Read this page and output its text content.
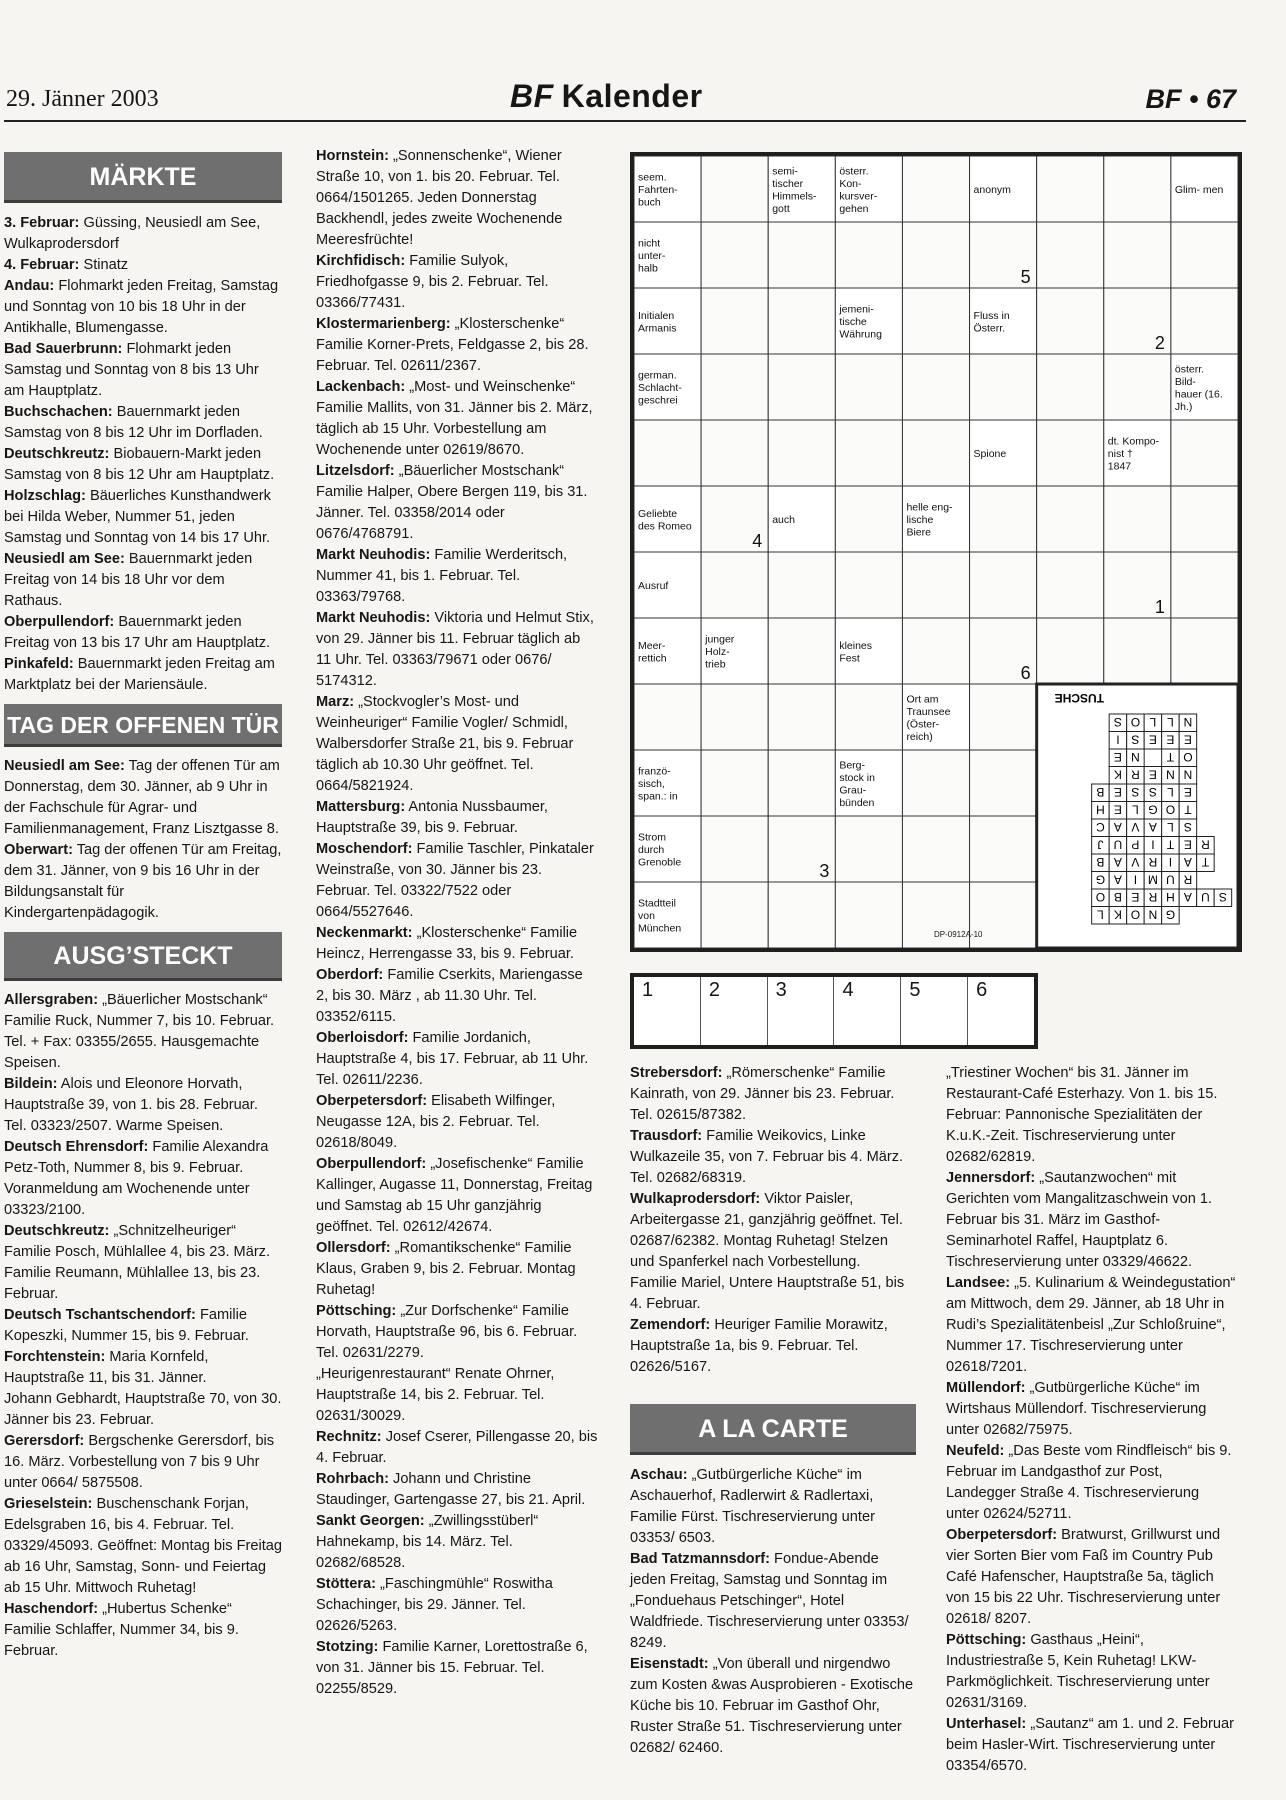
29. Jänner 2003	BF Kalender	BF • 67
MÄRKTE

3. Februar: Güssing, Neusiedl am See, Wulkaprodersdorf

4. Februar: Stinatz

Andau: Flohmarkt jeden Freitag, Samstag und Sonntag von 10 bis 18 Uhr in der Antikhalle, Blumengasse.

Bad Sauerbrunn: Flohmarkt jeden Samstag und Sonntag von 8 bis 13 Uhr am Hauptplatz.

Buchschachen: Bauernmarkt jeden Samstag von 8 bis 12 Uhr im Dorfladen.

Deutschkreutz: Biobauern-Markt jeden Samstag von 8 bis 12 Uhr am Hauptplatz.

Holzschlag: Bäuerliches Kunsthandwerk bei Hilda Weber, Nummer 51, jeden Samstag und Sonntag von 14 bis 17 Uhr.

Neusiedl am See: Bauernmarkt jeden Freitag von 14 bis 18 Uhr vor dem Rathaus.

Oberpullendorf: Bauernmarkt jeden Freitag von 13 bis 17 Uhr am Hauptplatz.

Pinkafeld: Bauernmarkt jeden Freitag am Marktplatz bei der Mariensäule.

TAG DER OFFENEN TÜR

Neusiedl am See: Tag der offenen Tür am Donnerstag, dem 30. Jänner, ab 9 Uhr in der Fachschule für Agrar- und Familienmanagement, Franz Lisztgasse 8.

Oberwart: Tag der offenen Tür am Freitag, dem 31. Jänner, von 9 bis 16 Uhr in der Bildungsanstalt für Kindergartenpädagogik.

AUSG’STECKT

Allersgraben: „Bäuerlicher Mostschank“ Familie Ruck, Nummer 7, bis 10. Februar. Tel. + Fax: 03355/2655. Hausgemachte Speisen.

Bildein: Alois und Eleonore Horvath, Hauptstraße 39, von 1. bis 28. Februar. Tel. 03323/2507. Warme Speisen.

Deutsch Ehrensdorf: Familie Alexandra Petz-Toth, Nummer 8, bis 9. Februar. Voranmeldung am Wochenende unter 03323/2100.

Deutschkreutz: „Schnitzelheuriger“ Familie Posch, Mühlallee 4, bis 23. März.

Familie Reumann, Mühlallee 13, bis 23. Februar.

Deutsch Tschantschendorf: Familie Kopeszki, Nummer 15, bis 9. Februar.

Forchtenstein: Maria Kornfeld, Hauptstraße 11, bis 31. Jänner.

Johann Gebhardt, Hauptstraße 70, von 30. Jänner bis 23. Februar.

Gerersdorf: Bergschenke Gerersdorf, bis 16. März. Vorbestellung von 7 bis 9 Uhr unter 0664/ 5875508.

Grieselstein: Buschenschank Forjan, Edelsgraben 16, bis 4. Februar. Tel. 03329/45093. Geöffnet: Montag bis Freitag ab 16 Uhr, Samstag, Sonn- und Feiertag ab 15 Uhr. Mittwoch Ruhetag!

Haschendorf: „Hubertus Schenke“ Familie Schlaffer, Nummer 34, bis 9. Februar.

Hornstein: „Sonnenschenke“, Wiener Straße 10, von 1. bis 20. Februar. Tel. 0664/1501265. Jeden Donnerstag Backhendl, jedes zweite Wochenende Meeresfrüchte!

Kirchfidisch: Familie Sulyok, Friedhofgasse 9, bis 2. Februar. Tel. 03366/77431.

Klostermarienberg: „Klosterschenke“ Familie Korner-Prets, Feldgasse 2, bis 28. Februar. Tel. 02611/2367.

Lackenbach: „Most- und Weinschenke“ Familie Mallits, von 31. Jänner bis 2. März, täglich ab 15 Uhr. Vorbestellung am Wochenende unter 02619/8670.

Litzelsdorf: „Bäuerlicher Mostschank“ Familie Halper, Obere Bergen 119, bis 31. Jänner. Tel. 03358/2014 oder 0676/4768791.

Markt Neuhodis: Familie Werderitsch, Nummer 41, bis 1. Februar. Tel. 03363/79768.

Markt Neuhodis: Viktoria und Helmut Stix, von 29. Jänner bis 11. Februar täglich ab 11 Uhr. Tel. 03363/79671 oder 0676/ 5174312.

Marz: „Stockvogler’s Most- und Weinheuriger“ Familie Vogler/ Schmidl, Walbersdorfer Straße 21, bis 9. Februar täglich ab 10.30 Uhr geöffnet. Tel. 0664/5821924.

Mattersburg: Antonia Nussbaumer, Hauptstraße 39, bis 9. Februar.

Moschendorf: Familie Taschler, Pinkataler Weinstraße, von 30. Jänner bis 23. Februar. Tel. 03322/7522 oder 0664/5527646.

Neckenmarkt: „Klosterschenke“ Familie Heincz, Herrengasse 33, bis 9. Februar.

Oberdorf: Familie Cserkits, Mariengasse 2, bis 30. März , ab 11.30 Uhr. Tel. 03352/6115.

Oberloisdorf: Familie Jordanich, Hauptstraße 4, bis 17. Februar, ab 11 Uhr. Tel. 02611/2236.

Oberpetersdorf: Elisabeth Wilfinger, Neugasse 12A, bis 2. Februar. Tel. 02618/8049.

Oberpullendorf: „Josefischenke“ Familie Kallinger, Augasse 11, Donnerstag, Freitag und Samstag ab 15 Uhr ganzjährig geöffnet. Tel. 02612/42674.

Ollersdorf: „Romantikschenke“ Familie Klaus, Graben 9, bis 2. Februar. Montag Ruhetag!

Pöttsching: „Zur Dorfschenke“ Familie Horvath, Hauptstraße 96, bis 6. Februar. Tel. 02631/2279.

„Heurigenrestaurant“ Renate Ohrner, Hauptstraße 14, bis 2. Februar. Tel. 02631/30029.

Rechnitz: Josef Cserer, Pillengasse 20, bis 4. Februar.

Rohrbach: Johann und Christine Staudinger, Gartengasse 27, bis 21. April.

Sankt Georgen: „Zwillingsstüberl“ Hahnekamp, bis 14. März. Tel. 02682/68528.

Stöttera: „Faschingmühle“ Roswitha Schachinger, bis 29. Jänner. Tel. 02626/5263.

Stotzing: Familie Karner, Lorettostraße 6, von 31. Jänner bis 15. Februar. Tel. 02255/8529.

seem. Fahrten-buch
semi-tischer Himmels-gott
österr. Kon-kursver-gehen
anonym	Glim- men
nicht unter-halb
Initialen Armanis
jemeni-tische Währung
Fluss in Österr.
german. Schlacht-geschrei
österr. Bild-hauer (16. Jh.)
Spione
dt. Kompo-nist † 1847
Geliebte des Romeo
auch
helle eng-lische Biere
Ausruf
Meer-rettich
junger Holz-trieb
kleines Fest
Ort am Traunsee (Öster-reich)
franzö-sisch, span.: in
Berg-stock in Grau-bünden
Strom durch Grenoble
Stadtteil von München
5
2
4
1
6
3
TUSCHE
S O L L N
I S E E E
E N T O
K R E N N
B E S S L E
H E L G O T
C A V A L S
J U P I T E R
B A V R I A T
G A I M U R
O B E R H A U S
L K O N G
DP-0912A-10
1	2	3	4	5	6

Strebersdorf: „Römerschenke“ Familie Kainrath, von 29. Jänner bis 23. Februar. Tel. 02615/87382.

Trausdorf: Familie Weikovics, Linke Wulkazeile 35, von 7. Februar bis 4. März. Tel. 02682/68319.

Wulkaprodersdorf: Viktor Paisler, Arbeitergasse 21, ganzjährig geöffnet. Tel. 02687/62382. Montag Ruhetag! Stelzen und Spanferkel nach Vorbestellung.

Familie Mariel, Untere Hauptstraße 51, bis 4. Februar.

Zemendorf: Heuriger Familie Morawitz, Hauptstraße 1a, bis 9. Februar. Tel. 02626/5167.

A LA CARTE

Aschau: „Gutbürgerliche Küche“ im Aschauerhof, Radlerwirt & Radlertaxi, Familie Fürst. Tischreservierung unter 03353/ 6503.

Bad Tatzmannsdorf: Fondue-Abende jeden Freitag, Samstag und Sonntag im „Fonduehaus Petschinger“, Hotel Waldfriede. Tischreservierung unter 03353/ 8249.

Eisenstadt: „Von überall und nirgendwo zum Kosten &was Ausprobieren - Exotische Küche bis 10. Februar im Gasthof Ohr, Ruster Straße 51. Tischreservierung unter 02682/ 62460.

„Triestiner Wochen“ bis 31. Jänner im Restaurant-Café Esterhazy. Von 1. bis 15. Februar: Pannonische Spezialitäten der K.u.K.-Zeit. Tischreservierung unter 02682/62819.

Jennersdorf: „Sautanzwochen“ mit Gerichten vom Mangalitzaschwein von 1. Februar bis 31. März im Gasthof-Seminarhotel Raffel, Hauptplatz 6. Tischreservierung unter 03329/46622.

Landsee: „5. Kulinarium & Weindegustation“ am Mittwoch, dem 29. Jänner, ab 18 Uhr in Rudi’s Spezialitätenbeisl „Zur Schloßruine“, Nummer 17. Tischreservierung unter 02618/7201.

Müllendorf: „Gutbürgerliche Küche“ im Wirtshaus Müllendorf. Tischreservierung unter 02682/75975.

Neufeld: „Das Beste vom Rindfleisch“ bis 9. Februar im Landgasthof zur Post, Landegger Straße 4. Tischreservierung unter 02624/52711.

Oberpetersdorf: Bratwurst, Grillwurst und vier Sorten Bier vom Faß im Country Pub Café Hafenscher, Hauptstraße 5a, täglich von 15 bis 22 Uhr. Tischreservierung unter 02618/ 8207.

Pöttsching: Gasthaus „Heini“, Industriestraße 5, Kein Ruhetag! LKW-Parkmöglichkeit. Tischreservierung unter 02631/3169.

Unterhasel: „Sautanz“ am 1. und 2. Februar beim Hasler-Wirt. Tischreservierung unter 03354/6570.
